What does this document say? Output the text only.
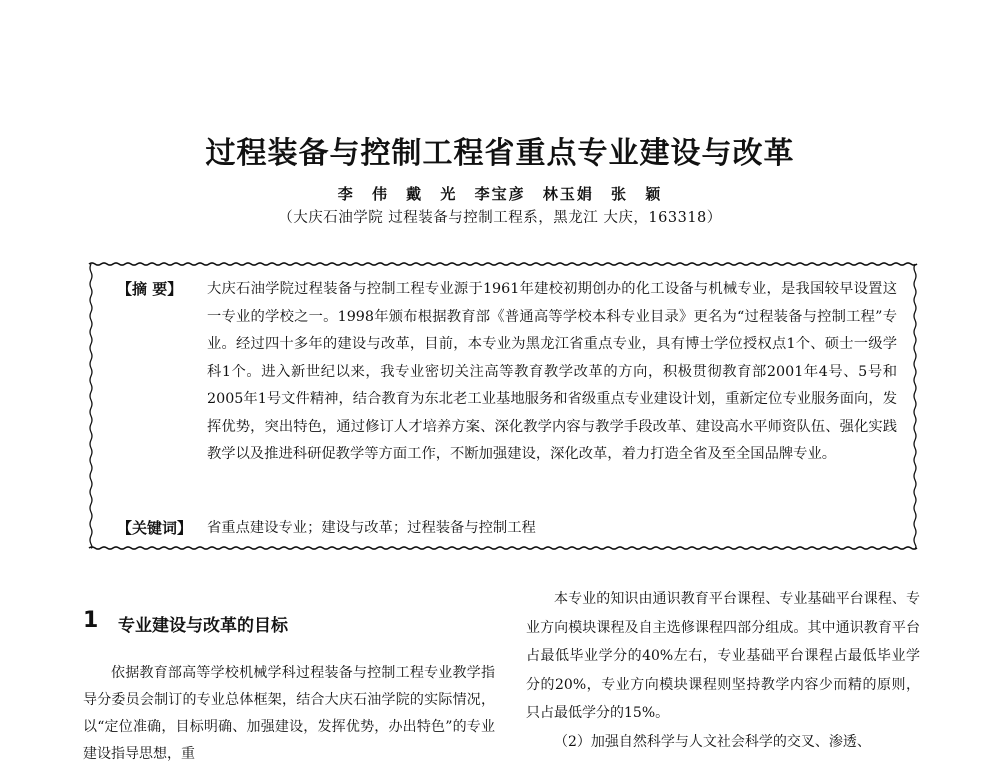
过程装备与控制工程省重点专业建设与改革
李 伟 戴 光 李宝彦 林玉娟 张 颖
（大庆石油学院 过程装备与控制工程系，黑龙江 大庆，163318）
【摘 要】 大庆石油学院过程装备与控制工程专业源于1961年建校初期创办的化工设备与机械专业，是我国较早设置这一专业的学校之一。1998年颁布根据教育部《普通高等学校本科专业目录》更名为“过程装备与控制工程”专业。经过四十多年的建设与改革，目前，本专业为黑龙江省重点专业，具有博士学位授权点1个、硕士一级学科1个。进入新世纪以来，我专业密切关注高等教育教学改革的方向，积极贯彻教育部2001年4号、5号和2005年1号文件精神，结合教育为东北老工业基地服务和省级重点专业建设计划，重新定位专业服务面向，发挥优势，突出特色，通过修订人才培养方案、深化教学内容与教学手段改革、建设高水平师资队伍、强化实践教学以及推进科研促教学等方面工作，不断加强建设，深化改革，着力打造全省及至全国品牌专业。
【关键词】 省重点建设专业；建设与改革；过程装备与控制工程
1 专业建设与改革的目标
依据教育部高等学校机械学科过程装备与控制工程专业教学指导分委员会制订的专业总体框架，结合大庆石油学院的实际情况，以“定位准确，目标明确、加强建设，发挥优势，办出特色”的专业建设指导思想，重

本专业的知识由通识教育平台课程、专业基础平台课程、专业方向模块课程及自主选修课程四部分组成。其中通识教育平台占最低毕业学分的40%左右，专业基础平台课程占最低毕业学分的20%，专业方向模块课程则坚持教学内容少而精的原则，只占最低学分的15%。

（2）加强自然科学与人文社会科学的交叉、渗透、
